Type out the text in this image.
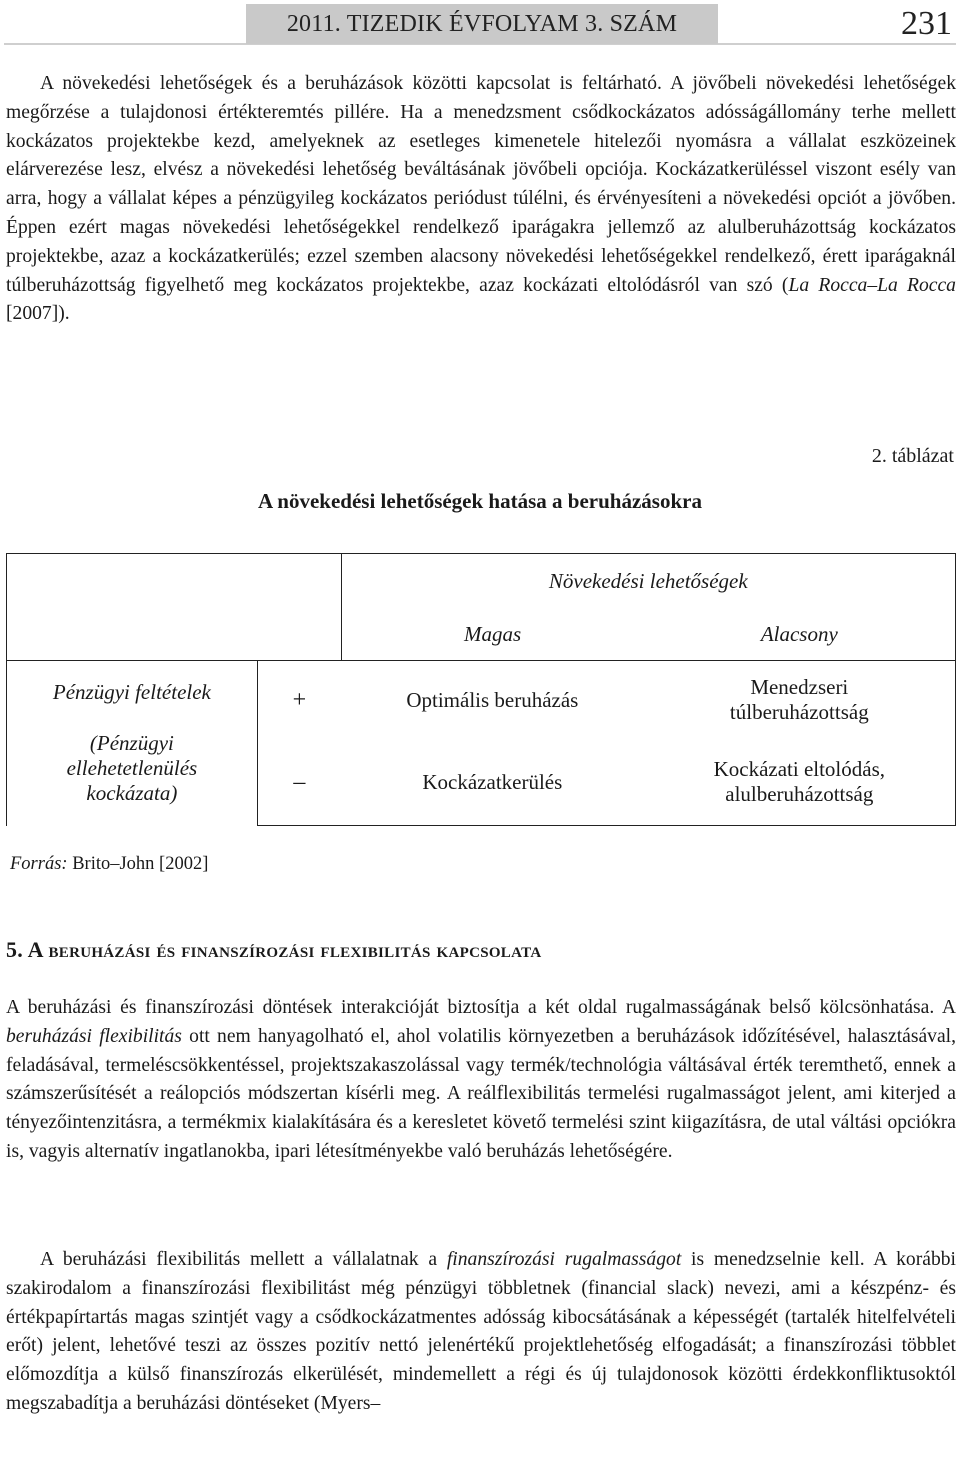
2011. TIZEDIK ÉVFOLYAM 3. SZÁM	231

A növekedési lehetőségek és a beruházások közötti kapcsolat is feltárható. A jövőbeli növekedési lehetőségek megőrzése a tulajdonosi értékteremtés pillére. Ha a menedzsment csődkockázatos adósságállomány terhe mellett kockázatos projektekbe kezd, amelyeknek az esetleges kimenetele hitelezői nyomásra a vállalat eszközeinek elárverezése lesz, elvész a növekedési lehetőség beváltásának jövőbeli opciója. Kockázatkerüléssel viszont esély van arra, hogy a vállalat képes a pénzügyileg kockázatos periódust túlélni, és érvényesíteni a növekedési opciót a jövőben. Éppen ezért magas növekedési lehetőségekkel rendelkező iparágakra jellemző az alulberuházottság kockázatos projektekbe, azaz a kockázatkerülés; ezzel szemben alacsony növekedési lehetőségekkel rendelkező, érett iparágaknál túlberuházottság figyelhető meg kockázatos projektekbe, azaz kockázati eltolódásról van szó (La Rocca–La Rocca [2007]).

2. táblázat
A növekedési lehetőségek hatása a beruházásokra
		Növekedési lehetőségek	
		Magas	Alacsony

Pénzügyi feltételek
(Pénzügyi ellehetetlenülés kockázata)	+	Optimális beruházás	Menedzseri túlberuházottság
	–	Kockázatkerülés	Kockázati eltolódás, alulberuházottság
Forrás: Brito–John [2002]
5. A beruházási és finanszírozási flexibilitás kapcsolata

A beruházási és finanszírozási döntések interakcióját biztosítja a két oldal rugalmasságának belső kölcsönhatása. A beruházási flexibilitás ott nem hanyagolható el, ahol volatilis környezetben a beruházások időzítésével, halasztásával, feladásával, termeléscsökkentéssel, projektszakaszolással vagy termék/technológia váltásával érték teremthető, ennek a számszerűsítését a reálopciós módszertan kísérli meg. A reálflexibilitás termelési rugalmasságot jelent, ami kiterjed a tényezőintenzitásra, a termékmix kialakítására és a keresletet követő termelési szint kiigazításra, de utal váltási opciókra is, vagyis alternatív ingatlanokba, ipari létesítményekbe való beruházás lehetőségére.

A beruházási flexibilitás mellett a vállalatnak a finanszírozási rugalmasságot is menedzselnie kell. A korábbi szakirodalom a finanszírozási flexibilitást még pénzügyi többletnek (financial slack) nevezi, ami a készpénz- és értékpapírtartás magas szintjét vagy a csődkockázatmentes adósság kibocsátásának a képességét (tartalék hitelfelvételi erőt) jelent, lehetővé teszi az összes pozitív nettó jelenértékű projektlehetőség elfogadását; a finanszírozási többlet előmozdítja a külső finanszírozás elkerülését, mindemellett a régi és új tulajdonosok közötti érdekkonfliktusoktól megszabadítja a beruházási döntéseket (Myers–
